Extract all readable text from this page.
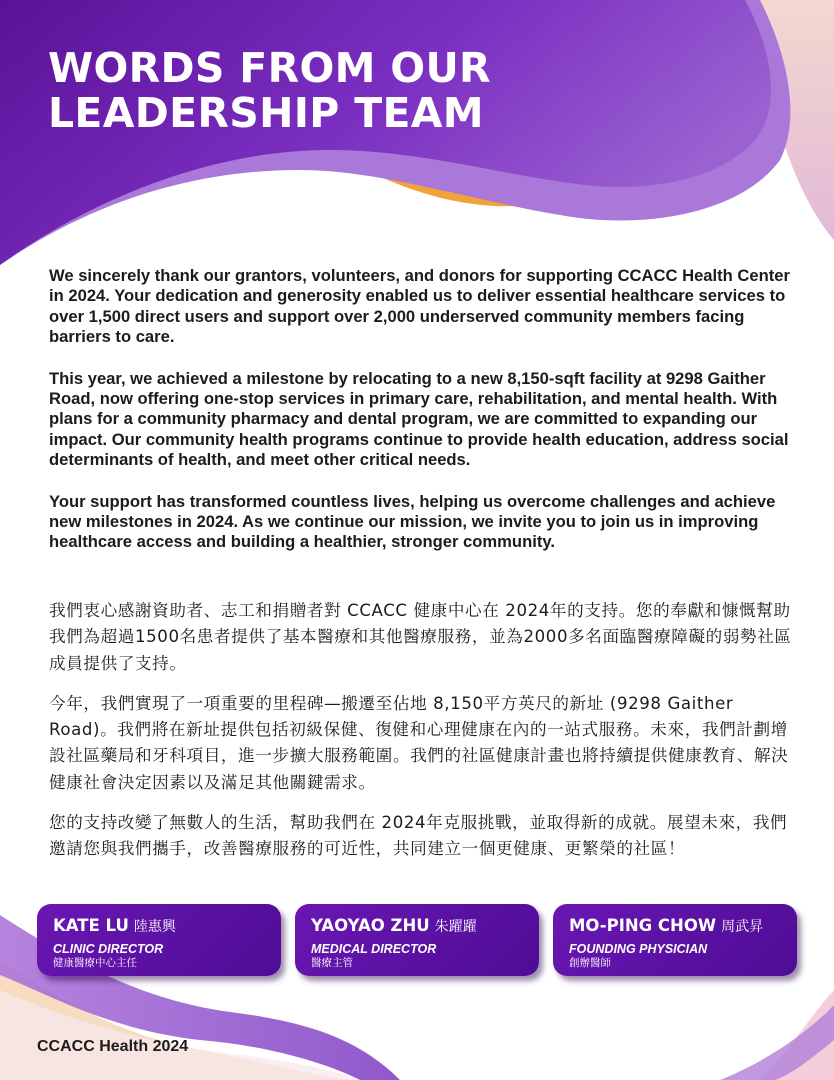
WORDS FROM OUR
LEADERSHIP TEAM

We sincerely thank our grantors, volunteers, and donors for supporting CCACC Health Center in 2024. Your dedication and generosity enabled us to deliver essential healthcare services to over 1,500 direct users and support over 2,000 underserved community members facing barriers to care.

This year, we achieved a milestone by relocating to a new 8,150-sqft facility at 9298 Gaither Road, now offering one-stop services in primary care, rehabilitation, and mental health. With plans for a community pharmacy and dental program, we are committed to expanding our impact. Our community health programs continue to provide health education, address social determinants of health, and meet other critical needs.

Your support has transformed countless lives, helping us overcome challenges and achieve new milestones in 2024. As we continue our mission, we invite you to join us in improving healthcare access and building a healthier, stronger community.

我們衷心感謝資助者、志工和捐贈者對 CCACC 健康中心在 2024年的支持。您的奉獻和慷慨幫助我們為超過1500名患者提供了基本醫療和其他醫療服務，並為2000多名面臨醫療障礙的弱勢社區成員提供了支持。

今年，我們實現了一項重要的里程碑—搬遷至佔地 8,150平方英尺的新址 (9298 Gaither Road)。我們將在新址提供包括初級保健、復健和心理健康在內的一站式服務。未來，我們計劃增設社區藥局和牙科項目，進一步擴大服務範圍。我們的社區健康計畫也將持續提供健康教育、解決健康社會決定因素以及滿足其他關鍵需求。

您的支持改變了無數人的生活，幫助我們在 2024年克服挑戰，並取得新的成就。展望未來，我們邀請您與我們攜手，改善醫療服務的可近性，共同建立一個更健康、更繁榮的社區！

KATE LU 陸惠興
CLINIC DIRECTOR
健康醫療中心主任
YAOYAO ZHU 朱躍躍
MEDICAL DIRECTOR
醫療主管
MO-PING CHOW 周武昇
FOUNDING PHYSICIAN
創辦醫師
CCACC Health 2024
